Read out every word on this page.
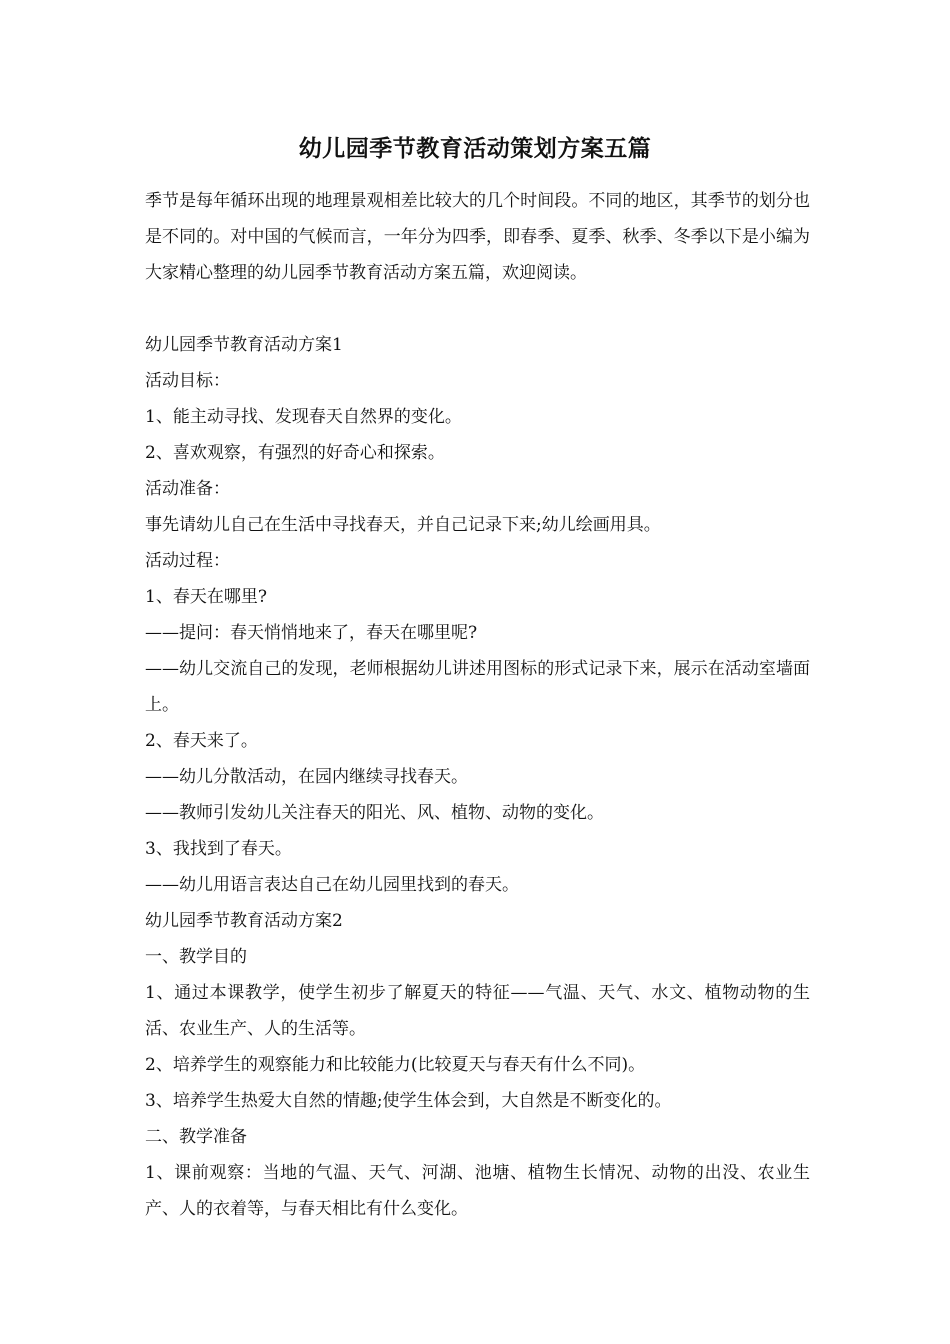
幼儿园季节教育活动策划方案五篇
季节是每年循环出现的地理景观相差比较大的几个时间段。不同的地区，其季节的划分也是不同的。对中国的气候而言，一年分为四季，即春季、夏季、秋季、冬季以下是小编为大家精心整理的幼儿园季节教育活动方案五篇，欢迎阅读。

幼儿园季节教育活动方案1

活动目标：

1、能主动寻找、发现春天自然界的变化。

2、喜欢观察，有强烈的好奇心和探索。

活动准备：

事先请幼儿自己在生活中寻找春天，并自己记录下来;幼儿绘画用具。

活动过程：

1、春天在哪里?

——提问：春天悄悄地来了，春天在哪里呢?

——幼儿交流自己的发现，老师根据幼儿讲述用图标的形式记录下来，展示在活动室墙面上。

2、春天来了。

——幼儿分散活动，在园内继续寻找春天。

——教师引发幼儿关注春天的阳光、风、植物、动物的变化。

3、我找到了春天。

——幼儿用语言表达自己在幼儿园里找到的春天。

幼儿园季节教育活动方案2

一、教学目的

1、通过本课教学，使学生初步了解夏天的特征——气温、天气、水文、植物动物的生活、农业生产、人的生活等。

2、培养学生的观察能力和比较能力(比较夏天与春天有什么不同)。

3、培养学生热爱大自然的情趣;使学生体会到，大自然是不断变化的。

二、教学准备

1、课前观察：当地的气温、天气、河湖、池塘、植物生长情况、动物的出没、农业生产、人的衣着等，与春天相比有什么变化。
